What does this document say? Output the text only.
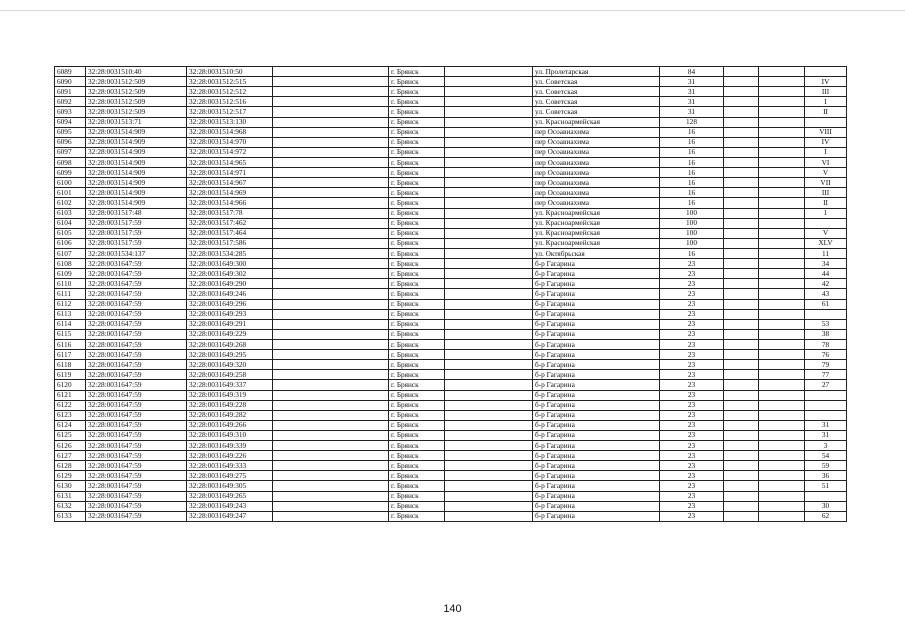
6089	32:28:0031510:40	32:28:0031510:50		г. Брянск		ул. Пролетарская	84			
6090	32:28:0031512:509	32:28:0031512:515		г. Брянск		ул. Советская	31			IV
6091	32:28:0031512:509	32:28:0031512:512		г. Брянск		ул. Советская	31			III
6092	32:28:0031512:509	32:28:0031512:516		г. Брянск		ул. Советская	31			I
6093	32:28:0031512:509	32:28:0031512:517		г. Брянск		ул. Советская	31			II
6094	32:28:0031513:71	32:28:0031513:130		г. Брянск		ул. Красноармейская	128			
6095	32:28:0031514:909	32:28:0031514:968		г. Брянск		пер Осоавиахима	16			VIII
6096	32:28:0031514:909	32:28:0031514:970		г. Брянск		пер Осоавиахима	16			IV
6097	32:28:0031514:909	32:28:0031514:972		г. Брянск		пер Осоавиахима	16			I
6098	32:28:0031514:909	32:28:0031514:965		г. Брянск		пер Осоавиахима	16			VI
6099	32:28:0031514:909	32:28:0031514:971		г. Брянск		пер Осоавиахима	16			V
6100	32:28:0031514:909	32:28:0031514:967		г. Брянск		пер Осоавиахима	16			VII
6101	32:28:0031514:909	32:28:0031514:969		г. Брянск		пер Осоавиахима	16			III
6102	32:28:0031514:909	32:28:0031514:966		г. Брянск		пер Осоавиахима	16			II
6103	32:28:0031517:48	32:28:0031517:78		г. Брянск		ул. Красноармейская	100			1
6104	32:28:0031517:59	32:28:0031517:462		г. Брянск		ул. Красноармейская	100			
6105	32:28:0031517:59	32:28:0031517:464		г. Брянск		ул. Красноармейская	100			V
6106	32:28:0031517:59	32:28:0031517:586		г. Брянск		ул. Красноармейская	100			XLV
6107	32:28:0031534:137	32:28:0031534:285		г. Брянск		ул. Октябрьская	16			11
6108	32:28:0031647:59	32:28:0031649:300		г. Брянск		б-р Гагарина	23			34
6109	32:28:0031647:59	32:28:0031649:302		г. Брянск		б-р Гагарина	23			44
6110	32:28:0031647:59	32:28:0031649:290		г. Брянск		б-р Гагарина	23			42
6111	32:28:0031647:59	32:28:0031649:246		г. Брянск		б-р Гагарина	23			43
6112	32:28:0031647:59	32:28:0031649:296		г. Брянск		б-р Гагарина	23			61
6113	32:28:0031647:59	32:28:0031649:293		г. Брянск		б-р Гагарина	23			
6114	32:28:0031647:59	32:28:0031649:291		г. Брянск		б-р Гагарина	23			53
6115	32:28:0031647:59	32:28:0031649:229		г. Брянск		б-р Гагарина	23			38
6116	32:28:0031647:59	32:28:0031649:268		г. Брянск		б-р Гагарина	23			78
6117	32:28:0031647:59	32:28:0031649:295		г. Брянск		б-р Гагарина	23			76
6118	32:28:0031647:59	32:28:0031649:320		г. Брянск		б-р Гагарина	23			79
6119	32:28:0031647:59	32:28:0031649:258		г. Брянск		б-р Гагарина	23			77
6120	32:28:0031647:59	32:28:0031649:337		г. Брянск		б-р Гагарина	23			27
6121	32:28:0031647:59	32:28:0031649:319		г. Брянск		б-р Гагарина	23			
6122	32:28:0031647:59	32:28:0031649:228		г. Брянск		б-р Гагарина	23			
6123	32:28:0031647:59	32:28:0031649:282		г. Брянск		б-р Гагарина	23			
6124	32:28:0031647:59	32:28:0031649:266		г. Брянск		б-р Гагарина	23			31
6125	32:28:0031647:59	32:28:0031649:310		г. Брянск		б-р Гагарина	23			31
6126	32:28:0031647:59	32:28:0031649:339		г. Брянск		б-р Гагарина	23			3
6127	32:28:0031647:59	32:28:0031649:226		г. Брянск		б-р Гагарина	23			54
6128	32:28:0031647:59	32:28:0031649:333		г. Брянск		б-р Гагарина	23			59
6129	32:28:0031647:59	32:28:0031649:275		г. Брянск		б-р Гагарина	23			36
6130	32:28:0031647:59	32:28:0031649:305		г. Брянск		б-р Гагарина	23			51
6131	32:28:0031647:59	32:28:0031649:265		г. Брянск		б-р Гагарина	23			
6132	32:28:0031647:59	32:28:0031649:243		г. Брянск		б-р Гагарина	23			30
6133	32:28:0031647:59	32:28:0031649:247		г. Брянск		б-р Гагарина	23			62
140
